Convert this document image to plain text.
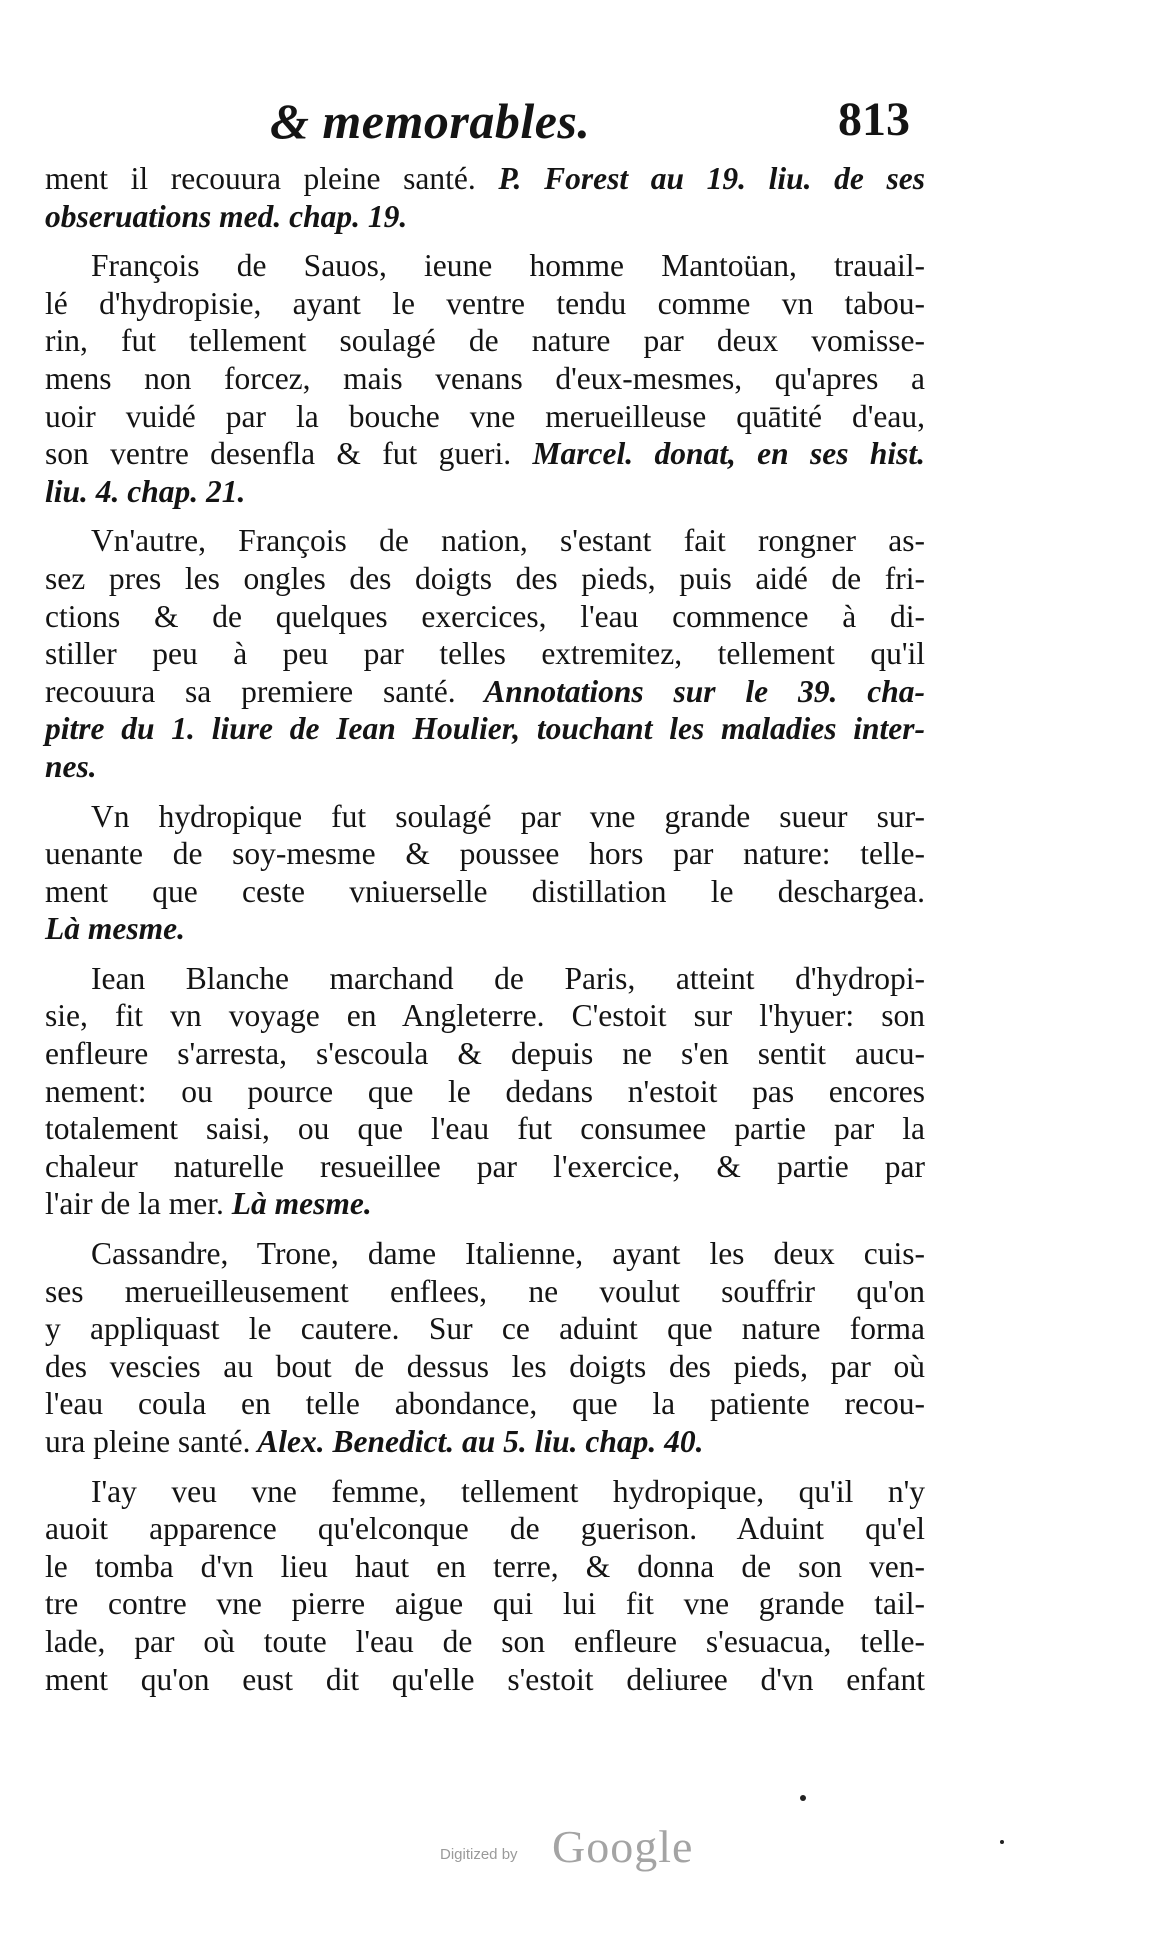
& memorables.	813
ment il recouura pleine santé. P. Forest au 19. liu. de ses
obseruations med. chap. 19.
François de Sauos, ieune homme Mantoüan, trauail-
lé d'hydropisie, ayant le ventre tendu comme vn tabou-
rin, fut tellement soulagé de nature par deux vomisse-
mens non forcez, mais venans d'eux-mesmes, qu'apres a
uoir vuidé par la bouche vne merueilleuse quātité d'eau,
son ventre desenfla & fut gueri. Marcel. donat, en ses hist.
liu. 4. chap. 21.
Vn'autre, François de nation, s'estant fait rongner as-
sez pres les ongles des doigts des pieds, puis aidé de fri-
ctions & de quelques exercices, l'eau commence à di-
stiller peu à peu par telles extremitez, tellement qu'il
recouura sa premiere santé. Annotations sur le 39. cha-
pitre du 1. liure de Iean Houlier, touchant les maladies inter-
nes.
Vn hydropique fut soulagé par vne grande sueur sur-
uenante de soy-mesme & poussee hors par nature: telle-
ment que ceste vniuerselle distillation le deschargea.
Là mesme.
Iean Blanche marchand de Paris, atteint d'hydropi-
sie, fit vn voyage en Angleterre. C'estoit sur l'hyuer: son
enfleure s'arresta, s'escoula & depuis ne s'en sentit aucu-
nement: ou pource que le dedans n'estoit pas encores
totalement saisi, ou que l'eau fut consumee partie par la
chaleur naturelle resueillee par l'exercice, & partie par
l'air de la mer. Là mesme.
Cassandre, Trone, dame Italienne, ayant les deux cuis-
ses merueilleusement enflees, ne voulut souffrir qu'on
y appliquast le cautere. Sur ce aduint que nature forma
des vescies au bout de dessus les doigts des pieds, par où
l'eau coula en telle abondance, que la patiente recou-
ura pleine santé. Alex. Benedict. au 5. liu. chap. 40.
I'ay veu vne femme, tellement hydropique, qu'il n'y
auoit apparence qu'elconque de guerison. Aduint qu'el
le tomba d'vn lieu haut en terre, & donna de son ven-
tre contre vne pierre aigue qui lui fit vne grande tail-
lade, par où toute l'eau de son enfleure s'esuacua, telle-
ment qu'on eust dit qu'elle s'estoit deliuree d'vn enfant
Digitized by Google
